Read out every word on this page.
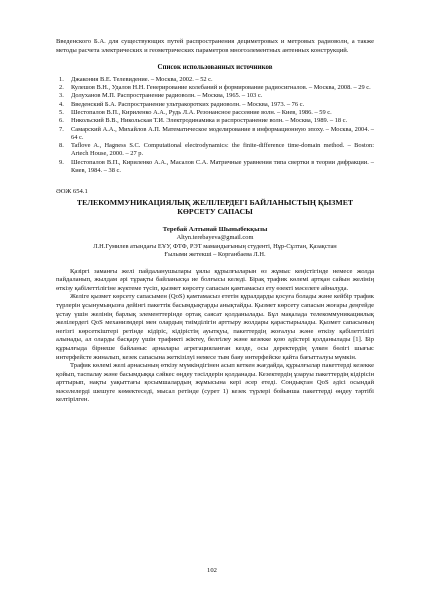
Введенского Б.А. для существующих путей распространения дециметровых и метровых радиоволн, а также методы расчета электрических и геометрических параметров многоэлементных антенных конструкций.

Список использованных источников
1.	Джакония В.Е. Телевидение. – Москва, 2002. – 52 с.
2.	Кулешов В.Н., Удалов Н.Н. Генерирование колебаний и формирование радиосигналов. – Москва, 2008. – 29 с.
3.	Долуханов М.П. Распространение радиоволн. – Москва, 1965. – 103 с.
4.	Введенский Б.А. Распространение ультракоротких радиоволн. – Москва, 1973. – 76 с.
5.	Шестопалов В.П., Кириленко А.А., Рудь Л.А. Резонансное рассеяние волн. – Киев, 1986. – 59 с.
6.	Никольский В.В., Никольская Т.И. Электродинамика и распространение волн. – Москва, 1989. – 18 с.
7.	Самарский А.А., Михайлов А.П. Математическое моделирование в информационную эпоху. – Москва, 2004. – 64 с.
8.	Taflove A., Hagness S.C. Computational electrodynamics: the finite-difference time-domain method. – Boston: Artech House, 2000. – 27 p.
9.	Шестопалов В.П., Кириленко А.А., Масалов С.А. Матричные уравнения типа свертки в теории дифракции. – Киев, 1984. – 38 с.
ӘОЖ 654.1
ТЕЛЕКОММУНИКАЦИЯЛЫҚ ЖЕЛІЛЕРДЕГІ БАЙЛАНЫСТЫҢ ҚЫЗМЕТ КӨРСЕТУ САПАСЫ
Теребай Алтынай Шыныбекқызы
Altyn.terebayeva@gmail.com
Л.Н.Гумилев атындағы ЕҰУ, ФТФ, РЭТ мамандығының студенті, Нұр-Сұлтан, Қазақстан
Ғылыми жетекші – Корганбаева Л.Н.

Қазіргі заманғы желі пайдаланушылары ұялы құрылғыларын өз жұмыс кеңістігінде немесе жолда пайдаланып, жылдам әрі тұрақты байланысқа ие болғысы келеді. Бірақ трафик көлемі артқан сайын желінің өткізу қабілеттілігіне жүктеме түсіп, қызмет көрсету сапасын қамтамасыз ету өзекті мәселеге айналуда.

Желіге қызмет көрсету сапасымен (QoS) қамтамасыз ететін құралдарды қосуға болады және кейбір трафик түрлерін ұсынумыңызға дейінгі пакеттік басымдықтарды анықтайды. Қызмет көрсету сапасын жоғары деңгейде ұстау үшін желінің барлық элементтерінде ортақ саясат қолданылады. Бұл мақалада телекоммуникациялық желілердегі QoS механизмдері мен олардың тиімділігін арттыру жолдары қарастырылады. Қызмет сапасының негізгі көрсеткіштері ретінде кідіріс, кідірістің ауытқуы, пакеттердің жоғалуы және өткізу қабілеттілігі алынады, ал оларды басқару үшін трафикті жіктеу, белгілеу және кезекке қою әдістері қолданылады [1]. Бір құрылғыда бірнеше байланыс арналары агрегацияланған кезде, осы деректердің үлкен бөлігі шығыс интерфейсте жиналып, кезек сапасына жеткізілуі немесе тым баяу интерфейске қайта бағытталуы мүмкін.

Трафик көлемі желі арнасының өткізу мүмкіндігінен асып кеткен жағдайда, құрылғылар пакеттерді кезекке қойып, таспалау және басымдыққа сәйкес өңдеу тәсілдерін қолданады. Кезектердің ұзаруы пакеттердің кідірісін арттырып, нақты уақыттағы қосымшалардың жұмысына кері әсер етеді. Сондықтан QoS әдісі осындай мәселелерді шешуге көмектеседі, мысал ретінде (сурет 1) кезек түрлері бойынша пакеттерді өңдеу тәртібі келтірілген.

102
